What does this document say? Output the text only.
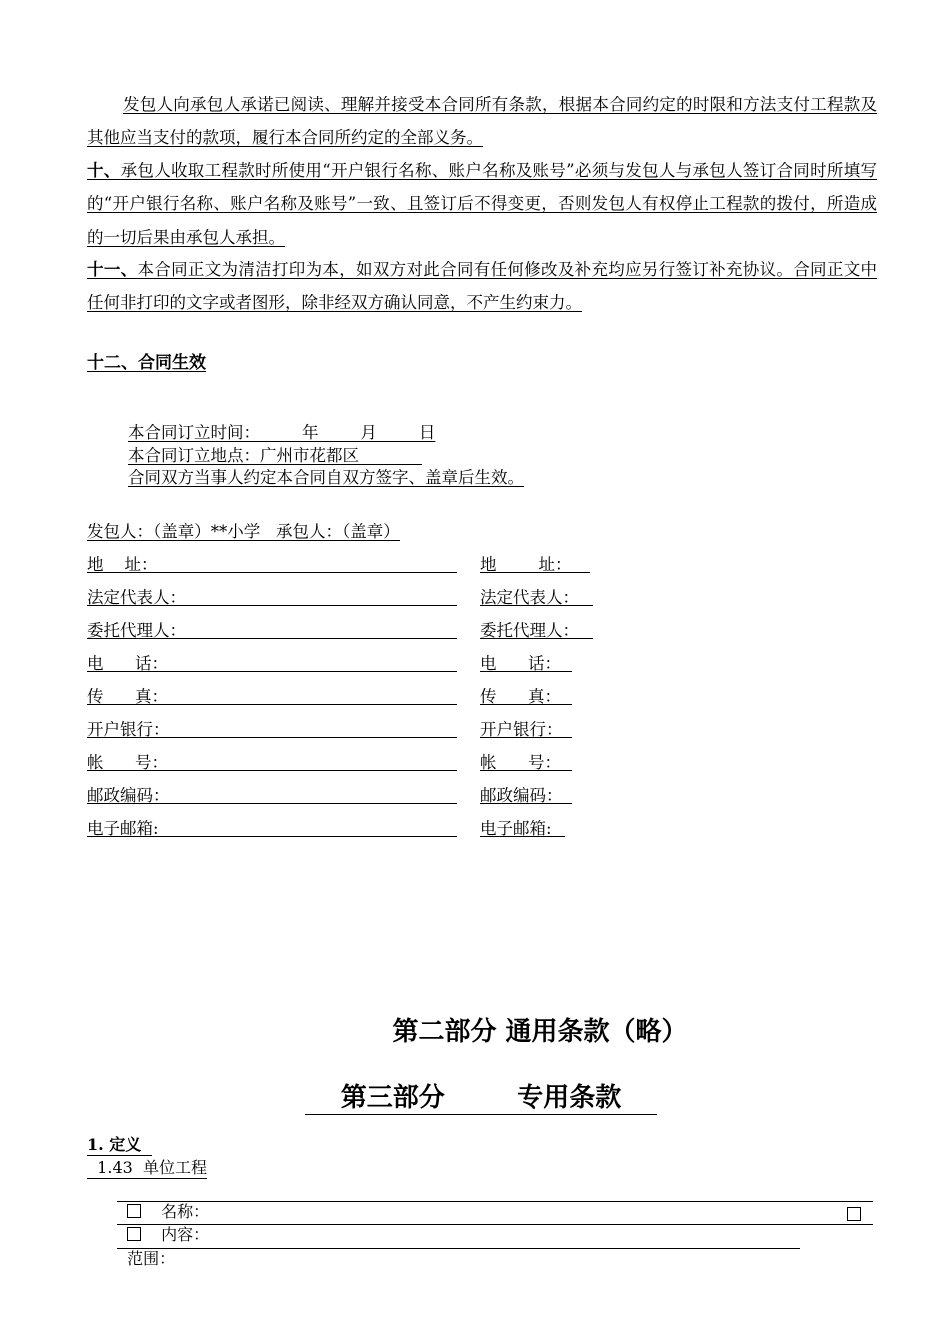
发包人向承包人承诺已阅读、理解并接受本合同所有条款，根据本合同约定的时限和方法支付工程款及其他应当支付的款项，履行本合同所约定的全部义务。
十、承包人收取工程款时所使用“开户银行名称、账户名称及账号”必须与发包人与承包人签订合同时所填写的“开户银行名称、账户名称及账号”一致、且签订后不得变更，否则发包人有权停止工程款的拨付，所造成的一切后果由承包人承担。
十一、本合同正文为清洁打印为本，如双方对此合同有任何修改及补充均应另行签订补充协议。合同正文中任何非打印的文字或者图形，除非经双方确认同意，不产生约束力。
十二、合同生效
本合同订立时间：        年        月        日
本合同订立地点：广州市花都区
合同双方当事人约定本合同自双方签字、盖章后生效。
发包人：（盖章）**小学   承包人：（盖章）
地    址：	地        址：
法定代表人：	法定代表人：
委托代理人：	委托代理人：
电      话：	电      话：
传      真：	传      真：
开户银行：	开户银行：
帐      号：	帐      号：
邮政编码：	邮政编码：
电子邮箱:	电子邮箱:
第二部分 通用条款（略）
第三部分        专用条款
1. 定义
1.43  单位工程

名称：

内容：

范围：
